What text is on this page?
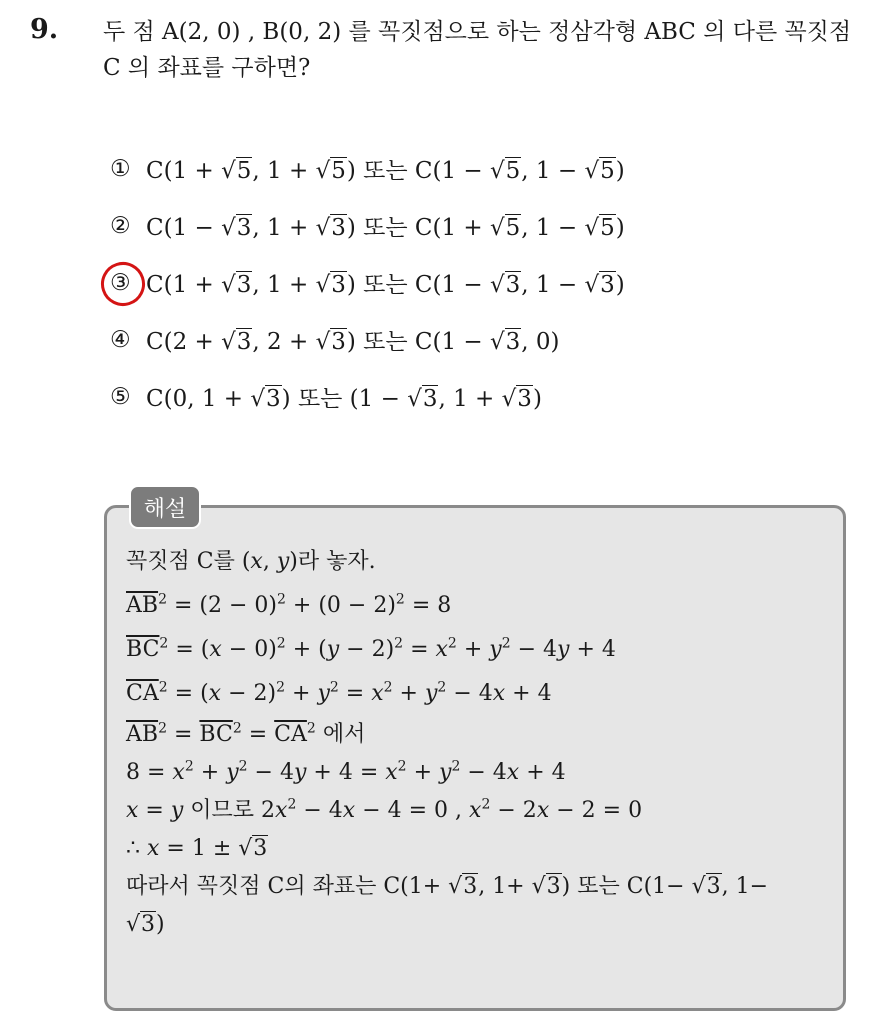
9. 두 점 A(2, 0) , B(0, 2) 를 꼭짓점으로 하는 정삼각형 ABC 의 다른 꼭짓점 C 의 좌표를 구하면?
① C(1 + √5, 1 + √5) 또는 C(1 − √5, 1 − √5)
② C(1 − √3, 1 + √3) 또는 C(1 + √5, 1 − √5)
③ C(1 + √3, 1 + √3) 또는 C(1 − √3, 1 − √3)
④ C(2 + √3, 2 + √3) 또는 C(1 − √3, 0)
⑤ C(0, 1 + √3) 또는 (1 − √3, 1 + √3)
해설
꼭짓점 C를 (x, y)라 놓자.
$\overline{AB}^2 = (2 - 0)^2 + (0 - 2)^2 = 8$
$\overline{BC}^2 = (x - 0)^2 + (y - 2)^2 = x^2 + y^2 - 4y + 4$
$\overline{CA}^2 = (x - 2)^2 + y^2 = x^2 + y^2 - 4x + 4$
$\overline{AB}^2 = \overline{BC}^2 = \overline{CA}^2$ 에서
$8 = x^2 + y^2 - 4y + 4 = x^2 + y^2 - 4x + 4$
x = y 이므로 $2x^2 - 4x - 4 = 0$ , $x^2 - 2x - 2 = 0$
∴ x = 1 ± √3
따라서 꼭짓점 C의 좌표는 C(1+ √3, 1+ √3) 또는 C(1− √3, 1−
√3)
